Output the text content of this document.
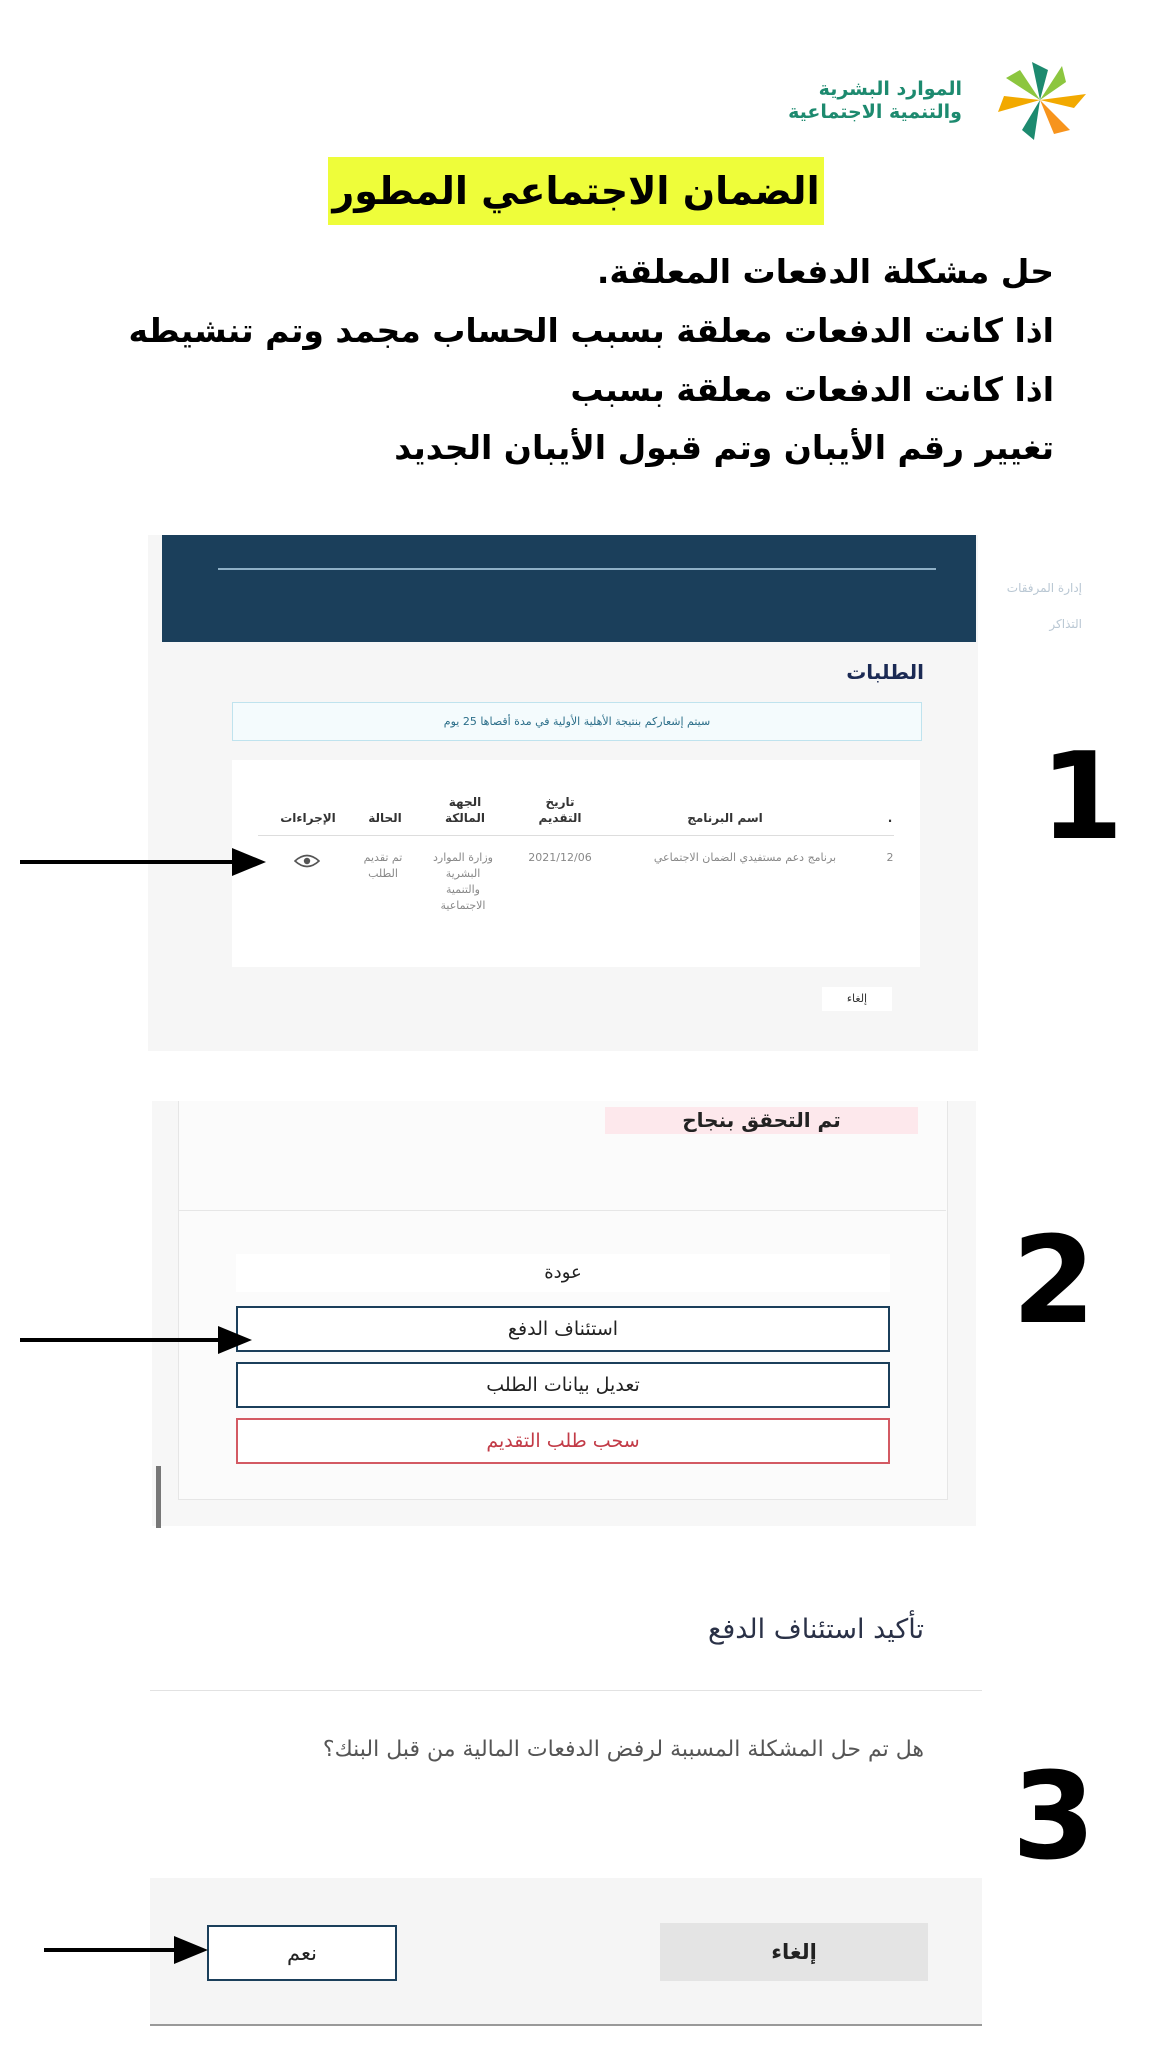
الموارد البشرية
والتنمية الاجتماعية
الضمان الاجتماعي المطور
حل مشكلة الدفعات المعلقة.
اذا كانت الدفعات معلقة بسبب الحساب مجمد وتم تنشيطه
اذا كانت الدفعات معلقة بسبب
تغيير رقم الأيبان وتم قبول الأيبان الجديد
الطلبات
إدارة المرفقات
التذاكر
الطلبات
سيتم إشعاركم بنتيجة الأهلية الأولية في مدة أقصاها 25 يوم
.
اسم البرنامج
تاريخ التقديم
الجهة المالكة
الحالة
الإجراءات
2
برنامج دعم مستفيدي الضمان الاجتماعي
2021/12/06
وزارة الموارد البشرية والتنمية الاجتماعية
تم تقديم الطلب
إلغاء
1
تم التحقق بنجاح
عودة
استئناف الدفع
تعديل بيانات الطلب
سحب طلب التقديم
2
تأكيد استئناف الدفع
هل تم حل المشكلة المسببة لرفض الدفعات المالية من قبل البنك؟
إلغاء
نعم
3
